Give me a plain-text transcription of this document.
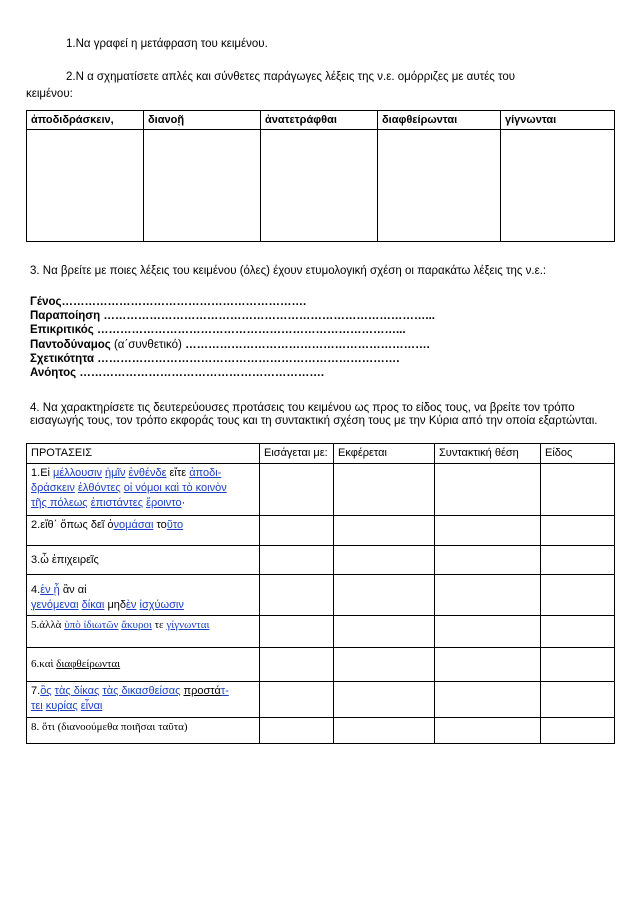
1.Να γραφεί η μετάφραση του κειμένου.
2.Ν α σχηματίσετε απλές και σύνθετες παράγωγες λέξεις της ν.ε. ομόρριζες με αυτές του
κειμένου:
ἀποδιδράσκειν,	διανοῇ	ἀνατετράφθαι	διαφθείρωνται	γίγνωνται

3. Να βρείτε με ποιες λέξεις του κειμένου (όλες) έχουν ετυμολογική σχέση οι παρακάτω λέξεις της ν.ε.:
Γένος……………………………………………………….
Παραποίηση …………………………………………………………………………...
Επικριτικός ……………………………………………………………………...
Παντοδύναμος (α΄συνθετικό) ……………………………………………………….
Σχετικότητα …………………………………………………………………….
Ανόητος ……………………………………………………….
4. Να χαρακτηρίσετε τις δευτερεύουσες προτάσεις του κειμένου ως προς το είδος τους, να βρείτε τον τρόπο εισαγωγής τους, τον τρόπο εκφοράς τους και τη συντακτική σχέση τους με την Κύρια από την οποία εξαρτώνται.
ΠΡΟΤΑΣΕΙΣ	Εισάγεται με:	Εκφέρεται	Συντακτική θέση	Είδος

1.Εἰ μέλλουσιν ἡμῖν ἐνθένδε εἴτε ἀποδι-
δράσκειν ἐλθόντες οἱ νόμοι καὶ τὸ κοινὸν
τῆς πόλεως ἐπιστάντες ἔροιντο·				

2.εἴθ΄ ὅπως δεῖ ὀνομάσαι τοῦτο				
3.ὦ ἐπιχειρεῖς				

4.ἐν ᾗ ἂν αἱ
γενόμεναι δίκαι μηδὲν ἰσχύωσιν				

5.ἀλλὰ ὑπὸ ἰδιωτῶν ἄκυροι τε γίγνωνται				
6.καὶ διαφθείρωνται				

7.ὃς τὰς δίκας τὰς δικασθείσας προστάτ-
τει κυρίας εἶναι				

8. ὅτι (διανοούμεθα ποιῆσαι ταῦτα)				
